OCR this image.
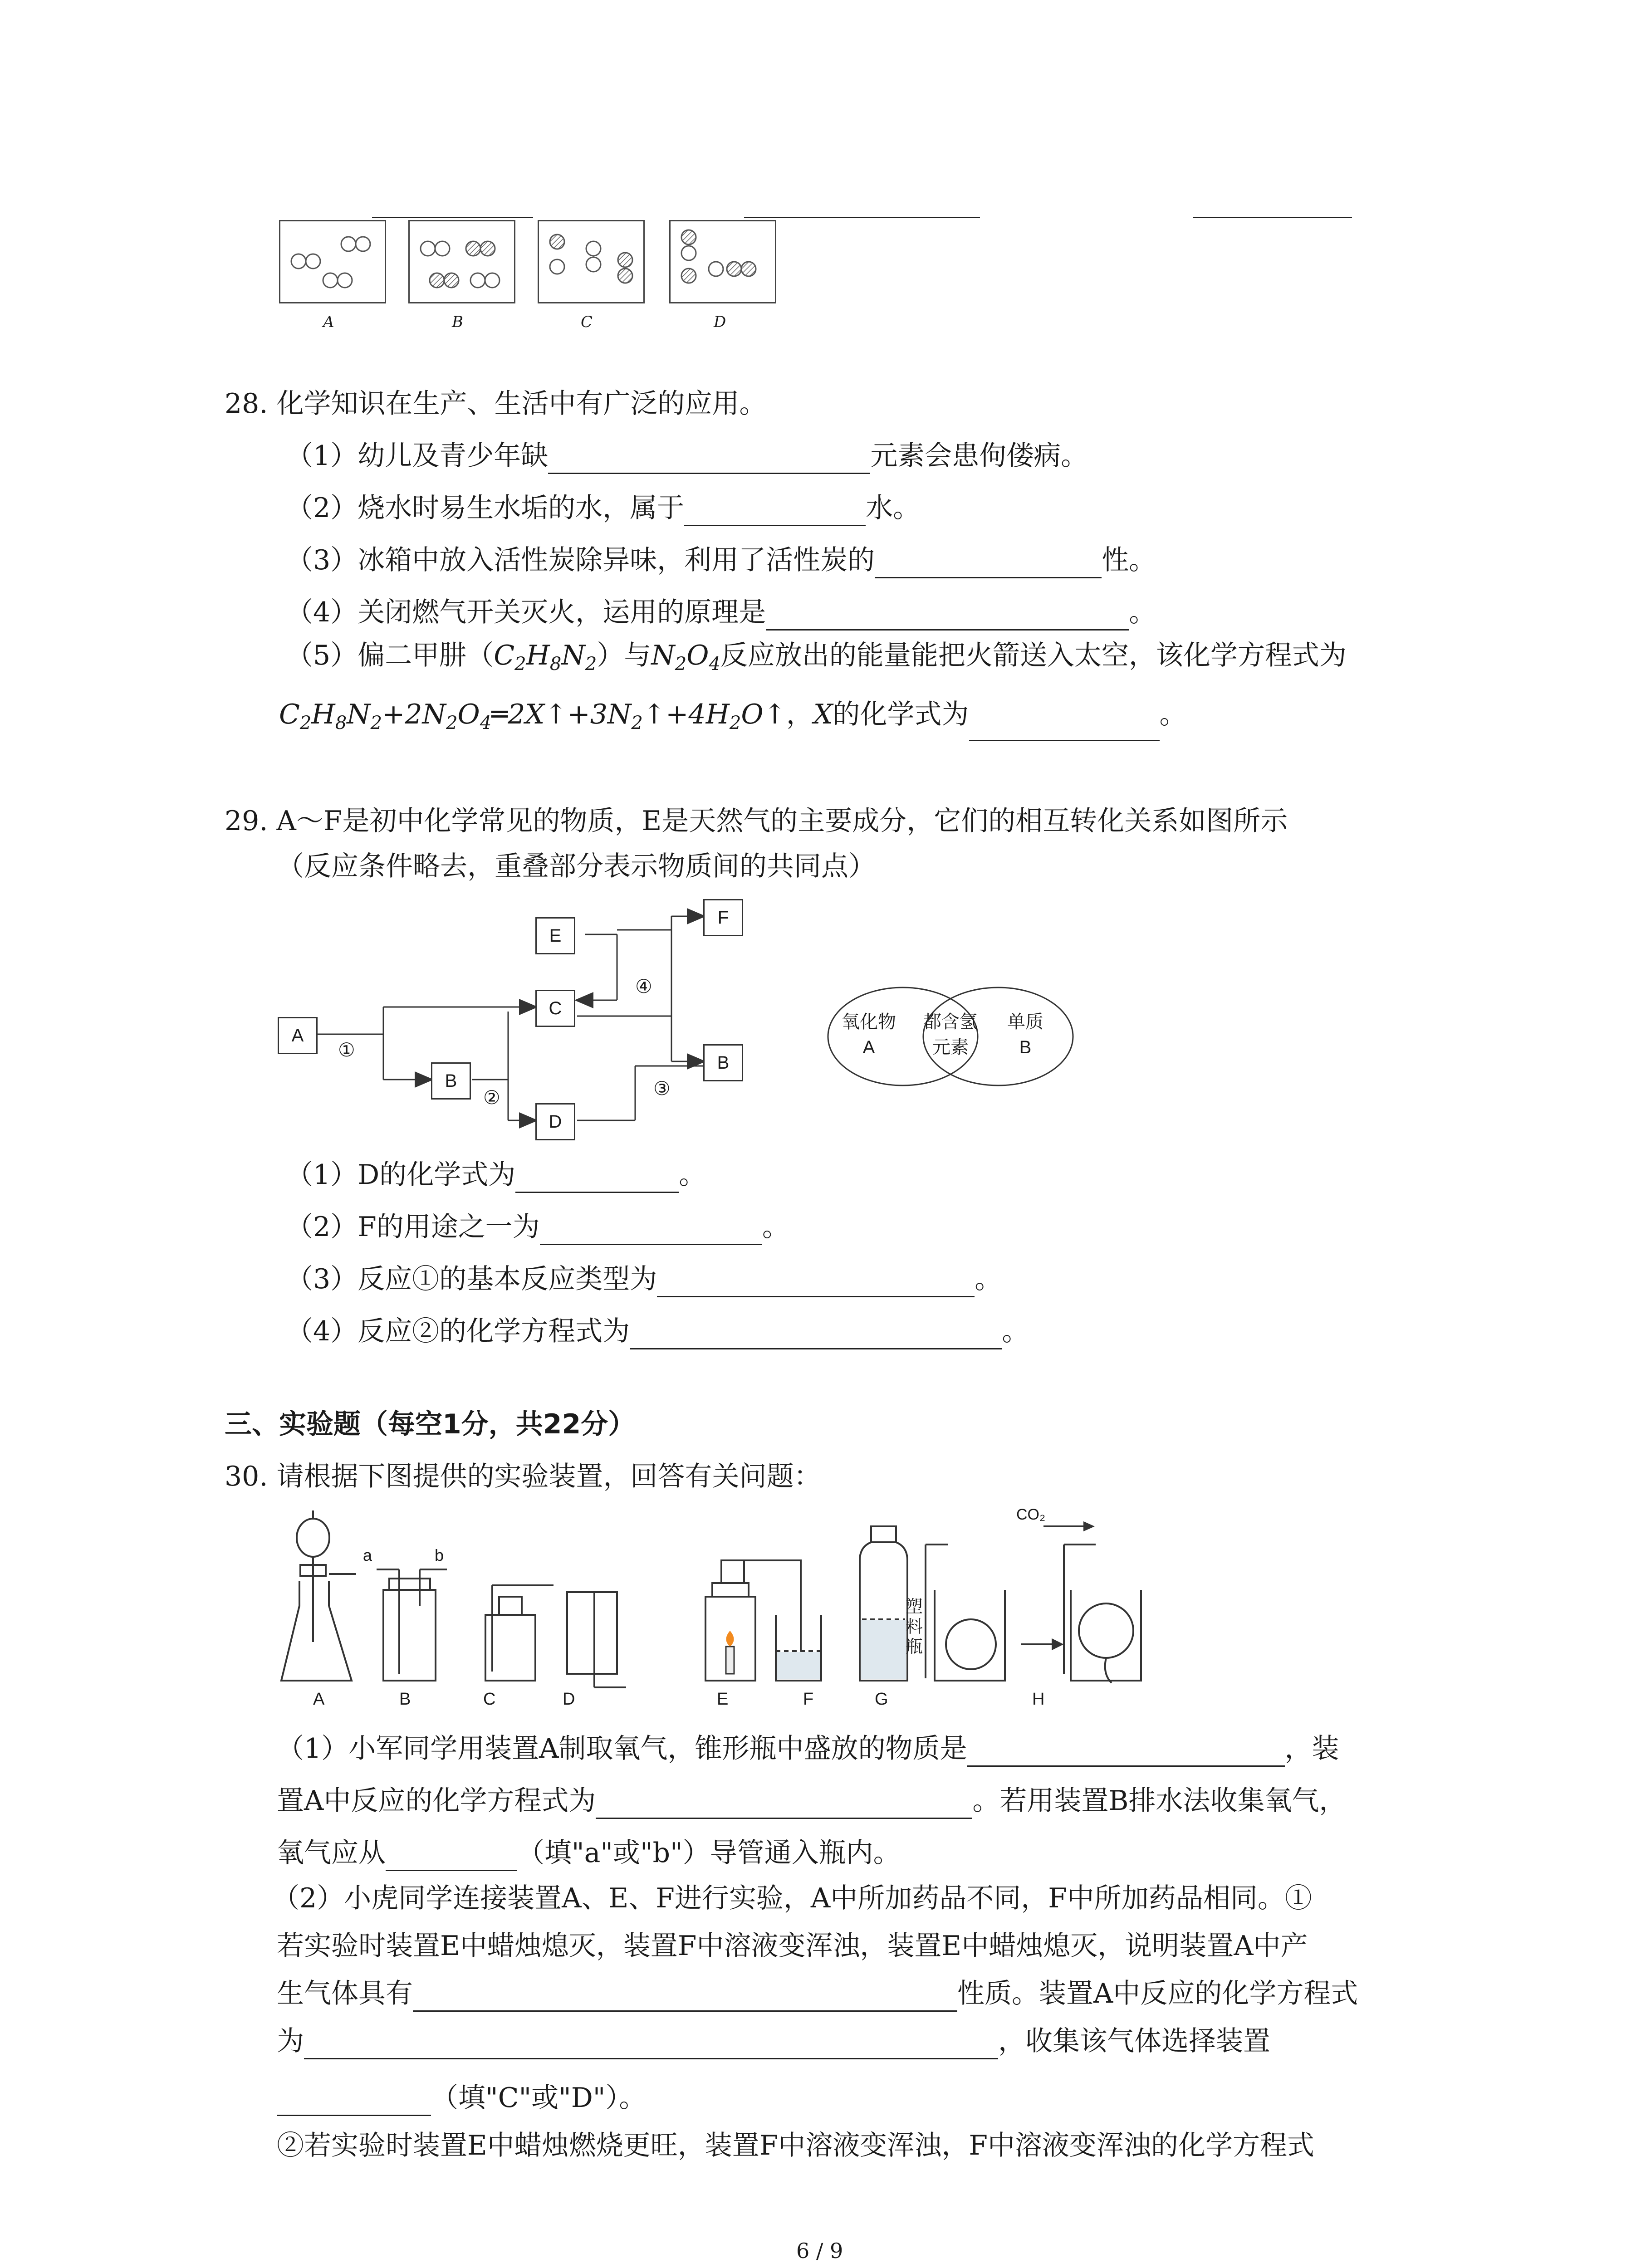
A	B	C	D
28. 化学知识在生产、生活中有广泛的应用。
（1）幼儿及青少年缺	元素会患佝偻病。
（2）烧水时易生水垢的水，属于	水。
（3）冰箱中放入活性炭除异味，利用了活性炭的	性。
（4）关闭燃气开关灭火，运用的原理是	。
（5）偏二甲肼$(C_2H_8N_2)$与$N_2O_4$反应放出的能量能把火箭送入太空，该化学方程式为
$C_2H_8N_2+2N_2O_4═2X↑+3N_2↑+4H_2O↑$，X的化学式为	。
29. A～F是初中化学常见的物质，E是天然气的主要成分，它们的相互转化关系如图所示
（反应条件略去，重叠部分表示物质间的共同点）
A
B
C
D
E
F
B
①
②	③
④
氧化物
A
都含氢
元素
单质
B
（1）D的化学式为	。
（2）F的用途之一为	。
（3）反应①的基本反应类型为	。
（4）反应②的化学方程式为	。
三、实验题（每空1分，共22分）
30. 请根据下图提供的实验装置，回答有关问题：
a	b
CO₂
塑
料
瓶
A	B	C	D	E	F	G	H
（1）小军同学用装置A制取氧气，锥形瓶中盛放的物质是	，装
置A中反应的化学方程式为	。若用装置B排水法收集氧气，
氧气应从	（填"a"或"b"）导管通入瓶内。
（2）小虎同学连接装置A、E、F进行实验，A中所加药品不同，F中所加药品相同。①
若实验时装置E中蜡烛熄灭，装置F中溶液变浑浊，装置E中蜡烛熄灭，说明装置A中产
生气体具有	性质。装置A中反应的化学方程式
为	，收集该气体选择装置
（填"C"或"D"）。
②若实验时装置E中蜡烛燃烧更旺，装置F中溶液变浑浊，F中溶液变浑浊的化学方程式
6 / 9
